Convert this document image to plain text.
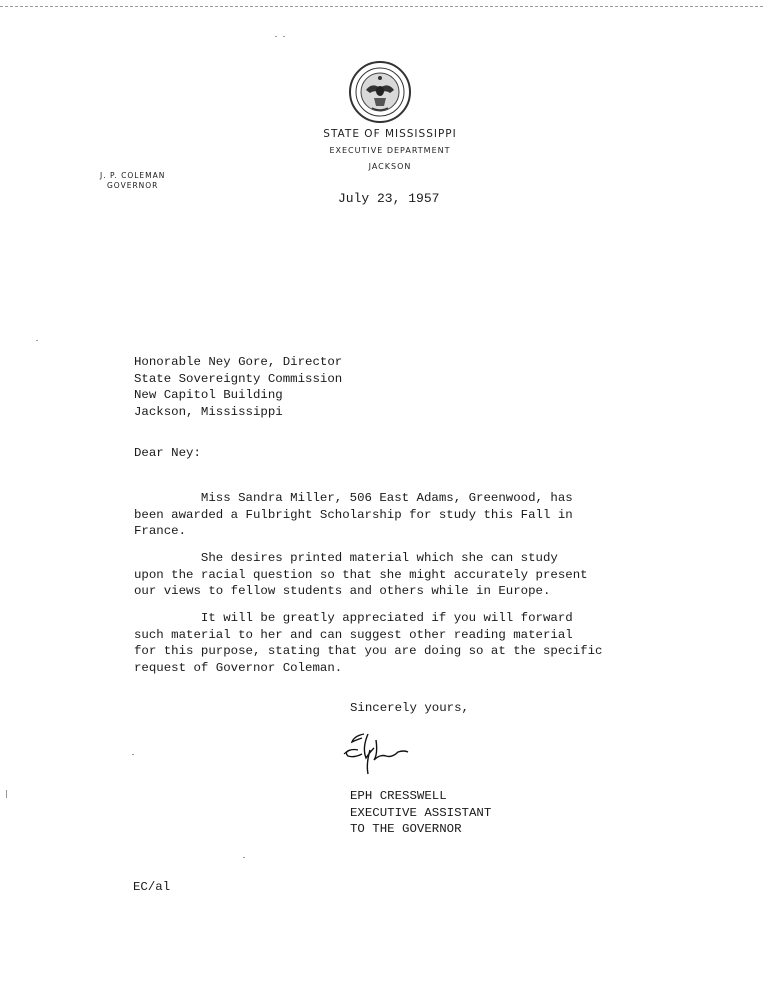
STATE OF MISSISSIPPI
EXECUTIVE DEPARTMENT
JACKSON
J. P. COLEMAN
GOVERNOR
July 23, 1957
Honorable Ney Gore, Director
State Sovereignty Commission
New Capitol Building
Jackson, Mississippi
Dear Ney:
Miss Sandra Miller, 506 East Adams, Greenwood, has
been awarded a Fulbright Scholarship for study this Fall in
France.
She desires printed material which she can study
upon the racial question so that she might accurately present
our views to fellow students and others while in Europe.
It will be greatly appreciated if you will forward
such material to her and can suggest other reading material
for this purpose, stating that you are doing so at the specific
request of Governor Coleman.
Sincerely yours,
EPH CRESSWELL
EXECUTIVE ASSISTANT
TO THE GOVERNOR
EC/al
